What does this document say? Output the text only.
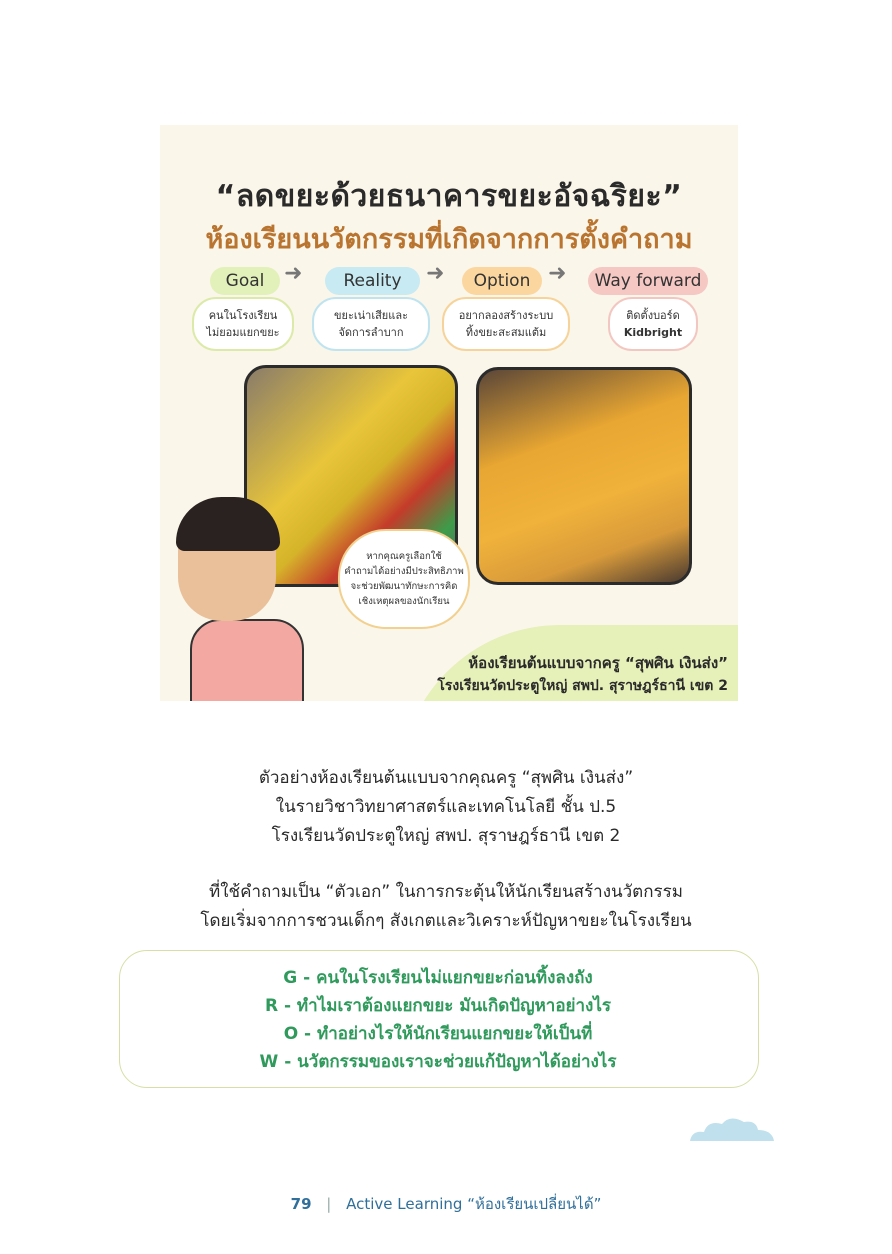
“ลดขยะด้วยธนาคารขยะอัจฉริยะ”
ห้องเรียนนวัตกรรมที่เกิดจากการตั้งคำถาม
Goal	Reality	Option	Way forward
➜	➜	➜
คนในโรงเรียน
ไม่ยอมแยกขยะ
ขยะเน่าเสียและ
จัดการลำบาก
อยากลองสร้างระบบ
ทิ้งขยะสะสมแต้ม
ติดตั้งบอร์ด
Kidbright
หากคุณครูเลือกใช้
คำถามได้อย่างมีประสิทธิภาพ
จะช่วยพัฒนาทักษะการคิด
เชิงเหตุผลของนักเรียน
ห้องเรียนต้นแบบจากครู “สุพศิน เงินส่ง”
โรงเรียนวัดประตูใหญ่ สพป. สุราษฎร์ธานี เขต 2
ตัวอย่างห้องเรียนต้นแบบจากคุณครู “สุพศิน เงินส่ง”
ในรายวิชาวิทยาศาสตร์และเทคโนโลยี ชั้น ป.5
โรงเรียนวัดประตูใหญ่ สพป. สุราษฎร์ธานี เขต 2
ที่ใช้คำถามเป็น “ตัวเอก” ในการกระตุ้นให้นักเรียนสร้างนวัตกรรม
โดยเริ่มจากการชวนเด็กๆ สังเกตและวิเคราะห์ปัญหาขยะในโรงเรียน
G - คนในโรงเรียนไม่แยกขยะก่อนทิ้งลงถัง
R - ทำไมเราต้องแยกขยะ มันเกิดปัญหาอย่างไร
O - ทำอย่างไรให้นักเรียนแยกขยะให้เป็นที่
W - นวัตกรรมของเราจะช่วยแก้ปัญหาได้อย่างไร
79 | Active Learning “ห้องเรียนเปลี่ยนได้”
